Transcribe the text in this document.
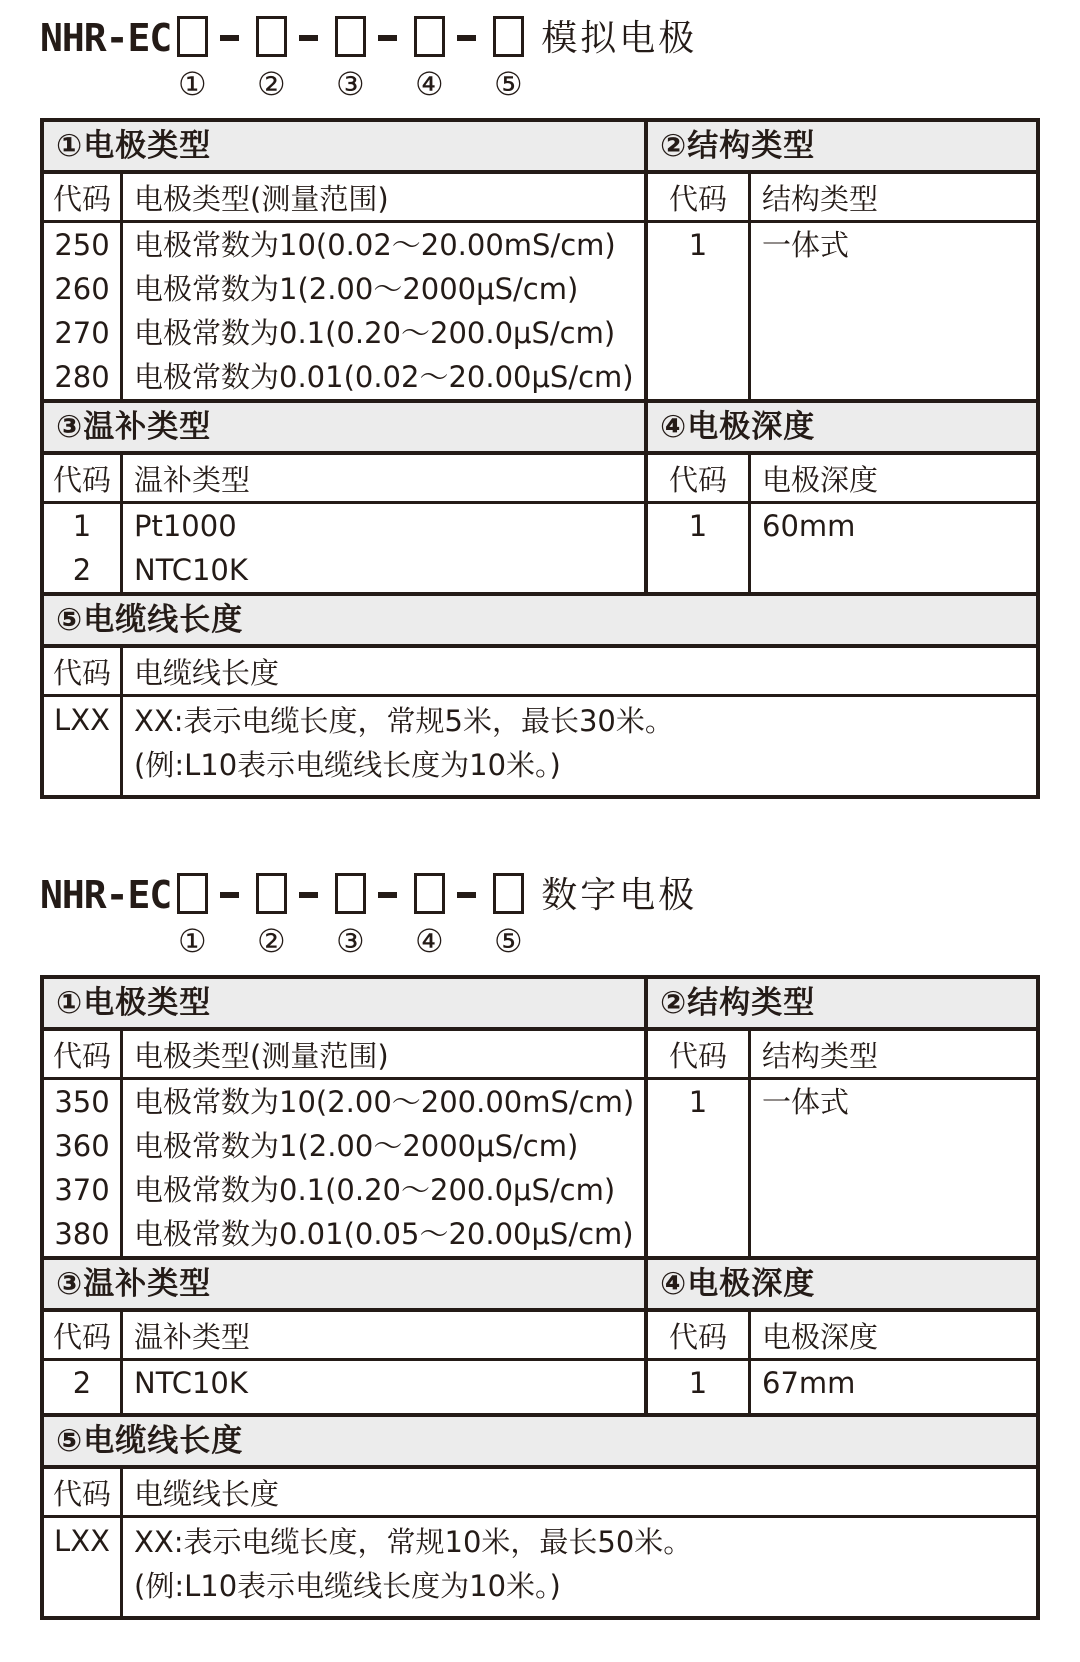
NHR-EC
① ② ③ ④ ⑤
模拟电极
①电极类型
代码 电极类型(测量范围)
250 电极常数为10(0.02～20.00mS/cm)
260 电极常数为1(2.00～2000μS/cm)
270 电极常数为0.1(0.20～200.0μS/cm)
280 电极常数为0.01(0.02～20.00μS/cm)
③温补类型
代码 温补类型
1	Pt1000
2	NTC10K
②结构类型
代码	结构类型
1	一体式
④电极深度
代码	电极深度
1	60mm
⑤电缆线长度
代码 电缆线长度
LXX XX:表示电缆长度，常规5米，最长30米。
(例:L10表示电缆线长度为10米。)
NHR-EC
① ② ③ ④ ⑤
数字电极
①电极类型
代码 电极类型(测量范围)
350 电极常数为10(2.00～200.00mS/cm)
360 电极常数为1(2.00～2000μS/cm)
370 电极常数为0.1(0.20～200.0μS/cm)
380 电极常数为0.01(0.05～20.00μS/cm)
③温补类型
代码 温补类型
2	NTC10K
②结构类型
代码	结构类型
1	一体式
④电极深度
代码	电极深度
1	67mm
⑤电缆线长度
代码 电缆线长度
LXX XX:表示电缆长度，常规10米，最长50米。
(例:L10表示电缆线长度为10米。)
